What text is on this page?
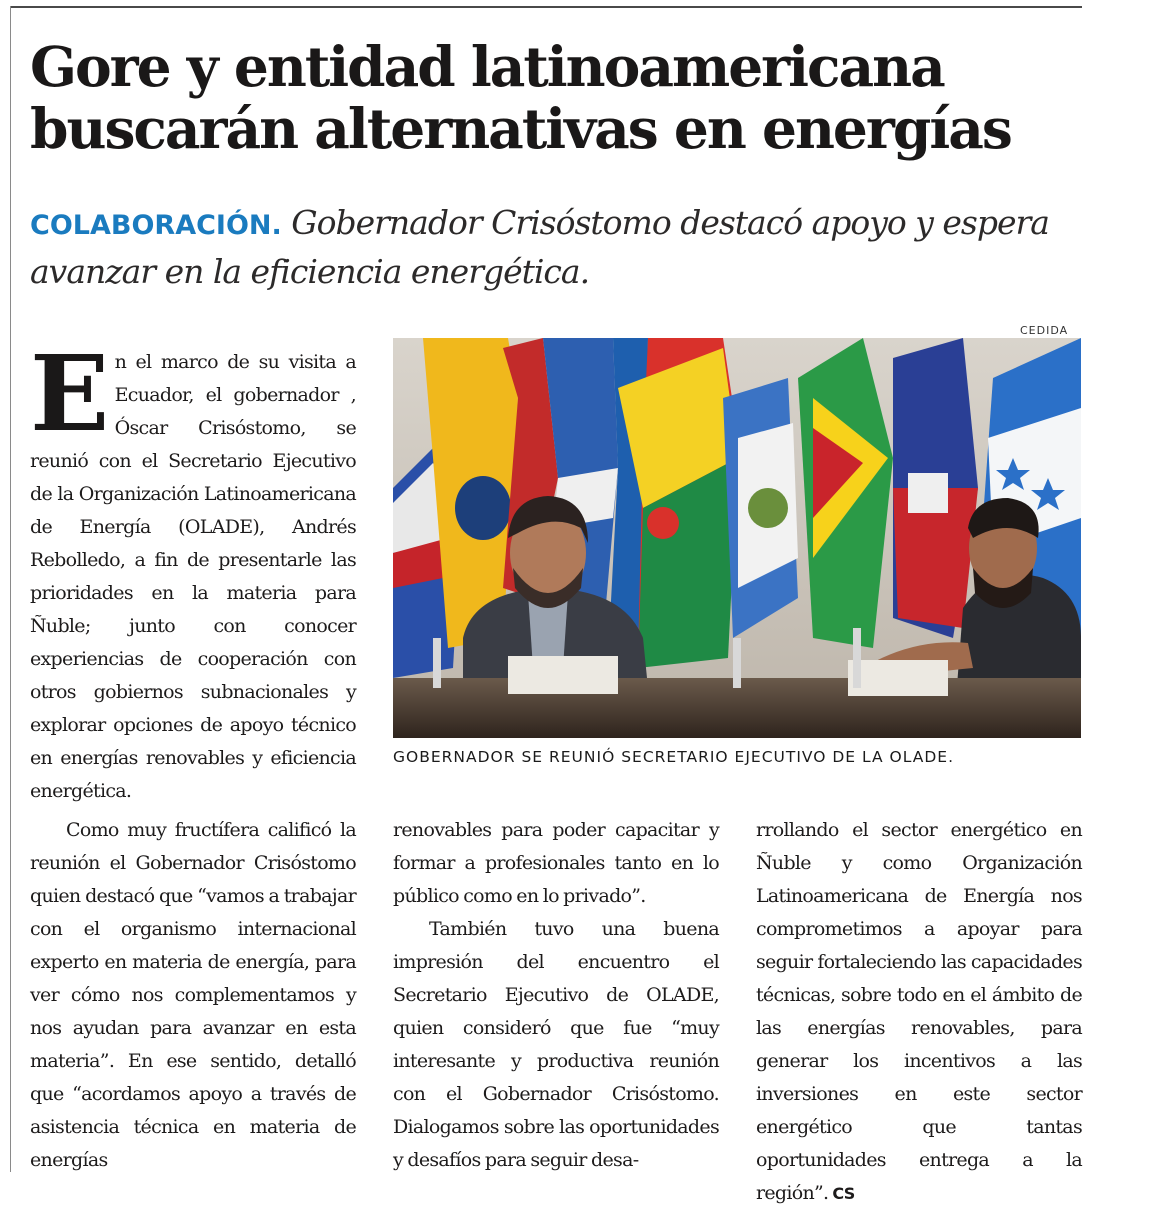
Gore y entidad latinoamericana buscarán alternativas en energías

COLABORACIÓN. Gobernador Crisóstomo destacó apoyo y espera avanzar en la eficiencia energética.

CEDIDA
GOBERNADOR SE REUNIÓ SECRETARIO EJECUTIVO DE LA OLADE.

En el marco de su visita a Ecuador, el gobernador , Óscar Crisóstomo, se reunió con el Secretario Ejecutivo de la Organización Latinoamericana de Energía (OLADE), Andrés Rebolledo, a fin de presentarle las prioridades en la materia para Ñuble; junto con conocer experiencias de cooperación con otros gobiernos subnacionales y explorar opciones de apoyo técnico en energías renovables y eficiencia energética.

Como muy fructífera calificó la reunión el Gobernador Crisóstomo quien destacó que “vamos a trabajar con el organismo internacional experto en materia de energía, para ver cómo nos complementamos y nos ayudan para avanzar en esta materia”. En ese sentido, detalló que “acordamos apoyo a través de asistencia técnica en materia de energías

renovables para poder capacitar y formar a profesionales tanto en lo público como en lo privado”.

También tuvo una buena impresión del encuentro el Secretario Ejecutivo de OLADE, quien consideró que fue “muy interesante y productiva reunión con el Gobernador Crisóstomo. Dialogamos sobre las oportunidades y desafíos para seguir desa-

rrollando el sector energético en Ñuble y como Organización Latinoamericana de Energía nos comprometimos a apoyar para seguir fortaleciendo las capacidades técnicas, sobre todo en el ámbito de las energías renovables, para generar los incentivos a las inversiones en este sector energético que tantas oportunidades entrega a la región”. CS
